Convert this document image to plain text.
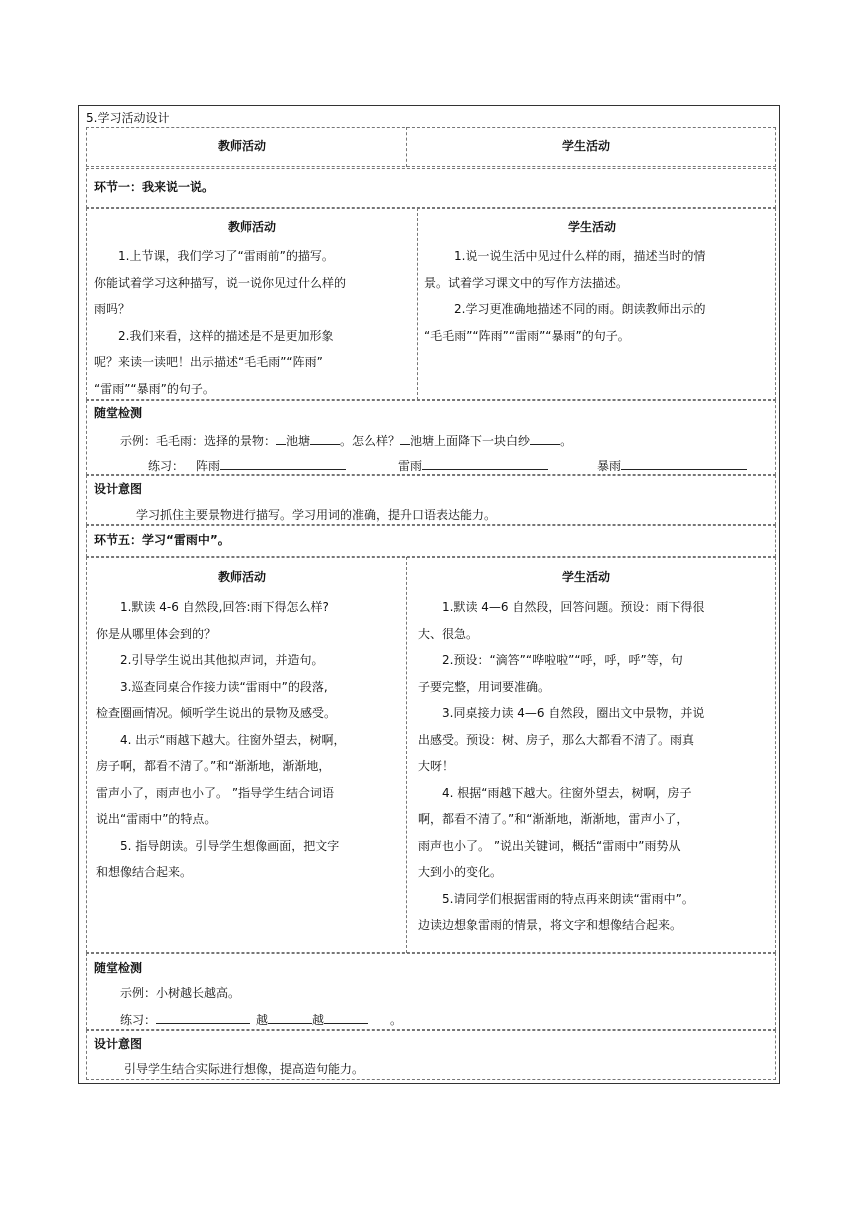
5.学习活动设计
教师活动	学生活动
环节一：我来说一说。
教师活动	学生活动
1.上节课，我们学习了“雷雨前”的描写。
你能试着学习这种描写，说一说你见过什么样的
雨吗？
2.我们来看，这样的描述是不是更加形象
呢？来读一读吧！出示描述“毛毛雨”“阵雨”
“雷雨”“暴雨”的句子。
1.说一说生活中见过什么样的雨，描述当时的情
景。试着学习课文中的写作方法描述。
2.学习更准确地描述不同的雨。朗读教师出示的
“毛毛雨”“阵雨”“雷雨”“暴雨”的句子。
随堂检测
示例：毛毛雨：选择的景物： 池塘	。怎么样？ 池塘上面降下一块白纱	。
练习： 阵雨	雷雨	暴雨
设计意图
学习抓住主要景物进行描写。学习用词的准确，提升口语表达能力。
环节五：学习“雷雨中”。
教师活动	学生活动
1.默读 4-6 自然段,回答:雨下得怎么样?
你是从哪里体会到的？
2.引导学生说出其他拟声词，并造句。
3.巡查同桌合作接力读“雷雨中”的段落,
检查圈画情况。倾听学生说出的景物及感受。
4. 出示“雨越下越大。往窗外望去，树啊，
房子啊，都看不清了。”和“渐渐地，渐渐地，
雷声小了，雨声也小了。 ”指导学生结合词语
说出“雷雨中”的特点。
5. 指导朗读。引导学生想像画面，把文字
和想像结合起来。
1.默读 4—6 自然段，回答问题。预设：雨下得很
大、很急。
2.预设：“滴答”“哗啦啦”“呼，呼，呼”等，句
子要完整，用词要准确。
3.同桌接力读 4—6 自然段，圈出文中景物，并说
出感受。预设：树、房子，那么大都看不清了。雨真
大呀！
4. 根据“雨越下越大。往窗外望去，树啊，房子
啊，都看不清了。”和“渐渐地，渐渐地，雷声小了，
雨声也小了。 ”说出关键词，概括“雷雨中”雨势从
大到小的变化。
5.请同学们根据雷雨的特点再来朗读“雷雨中”。
边读边想象雷雨的情景，将文字和想像结合起来。
随堂检测
示例：小树越长越高。
练习：	越	越	。
设计意图
引导学生结合实际进行想像，提高造句能力。
